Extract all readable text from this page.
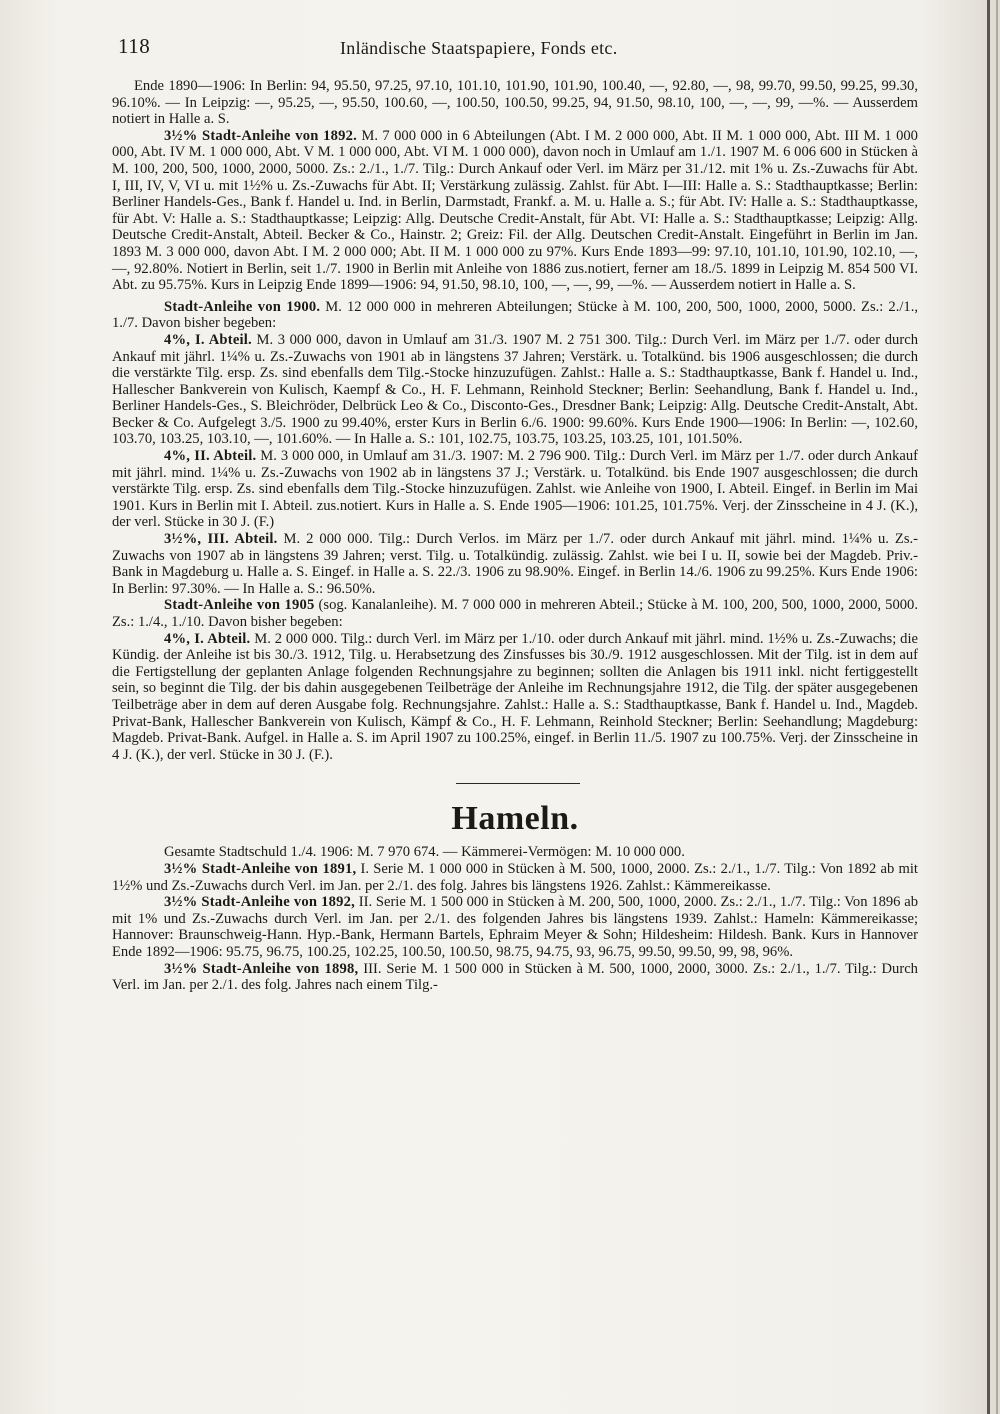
118	Inländische Staatspapiere, Fonds etc.

Ende 1890—1906: In Berlin: 94, 95.50, 97.25, 97.10, 101.10, 101.90, 101.90, 100.40, —, 92.80, —, 98, 99.70, 99.50, 99.25, 99.30, 96.10%. — In Leipzig: —, 95.25, —, 95.50, 100.60, —, 100.50, 100.50, 99.25, 94, 91.50, 98.10, 100, —, —, 99, —%. — Ausserdem notiert in Halle a. S.

3½% Stadt-Anleihe von 1892. M. 7 000 000 in 6 Abteilungen (Abt. I M. 2 000 000, Abt. II M. 1 000 000, Abt. III M. 1 000 000, Abt. IV M. 1 000 000, Abt. V M. 1 000 000, Abt. VI M. 1 000 000), davon noch in Umlauf am 1./1. 1907 M. 6 006 600 in Stücken à M. 100, 200, 500, 1000, 2000, 5000. Zs.: 2./1., 1./7. Tilg.: Durch Ankauf oder Verl. im März per 31./12. mit 1% u. Zs.-Zuwachs für Abt. I, III, IV, V, VI u. mit 1½% u. Zs.-Zuwachs für Abt. II; Verstärkung zulässig. Zahlst. für Abt. I—III: Halle a. S.: Stadthauptkasse; Berlin: Berliner Handels-Ges., Bank f. Handel u. Ind. in Berlin, Darmstadt, Frankf. a. M. u. Halle a. S.; für Abt. IV: Halle a. S.: Stadthauptkasse, für Abt. V: Halle a. S.: Stadthauptkasse; Leipzig: Allg. Deutsche Credit-Anstalt, für Abt. VI: Halle a. S.: Stadthauptkasse; Leipzig: Allg. Deutsche Credit-Anstalt, Abteil. Becker & Co., Hainstr. 2; Greiz: Fil. der Allg. Deutschen Credit-Anstalt. Eingeführt in Berlin im Jan. 1893 M. 3 000 000, davon Abt. I M. 2 000 000; Abt. II M. 1 000 000 zu 97%. Kurs Ende 1893—99: 97.10, 101.10, 101.90, 102.10, —, —, 92.80%. Notiert in Berlin, seit 1./7. 1900 in Berlin mit Anleihe von 1886 zus.notiert, ferner am 18./5. 1899 in Leipzig M. 854 500 VI. Abt. zu 95.75%. Kurs in Leipzig Ende 1899—1906: 94, 91.50, 98.10, 100, —, —, 99, —%. — Ausserdem notiert in Halle a. S.

Stadt-Anleihe von 1900. M. 12 000 000 in mehreren Abteilungen; Stücke à M. 100, 200, 500, 1000, 2000, 5000. Zs.: 2./1., 1./7. Davon bisher begeben:

4%, I. Abteil. M. 3 000 000, davon in Umlauf am 31./3. 1907 M. 2 751 300. Tilg.: Durch Verl. im März per 1./7. oder durch Ankauf mit jährl. 1¼% u. Zs.-Zuwachs von 1901 ab in längstens 37 Jahren; Verstärk. u. Totalkünd. bis 1906 ausgeschlossen; die durch die verstärkte Tilg. ersp. Zs. sind ebenfalls dem Tilg.-Stocke hinzuzufügen. Zahlst.: Halle a. S.: Stadthauptkasse, Bank f. Handel u. Ind., Hallescher Bankverein von Kulisch, Kaempf & Co., H. F. Lehmann, Reinhold Steckner; Berlin: Seehandlung, Bank f. Handel u. Ind., Berliner Handels-Ges., S. Bleichröder, Delbrück Leo & Co., Disconto-Ges., Dresdner Bank; Leipzig: Allg. Deutsche Credit-Anstalt, Abt. Becker & Co. Aufgelegt 3./5. 1900 zu 99.40%, erster Kurs in Berlin 6./6. 1900: 99.60%. Kurs Ende 1900—1906: In Berlin: —, 102.60, 103.70, 103.25, 103.10, —, 101.60%. — In Halle a. S.: 101, 102.75, 103.75, 103.25, 103.25, 101, 101.50%.

4%, II. Abteil. M. 3 000 000, in Umlauf am 31./3. 1907: M. 2 796 900. Tilg.: Durch Verl. im März per 1./7. oder durch Ankauf mit jährl. mind. 1¼% u. Zs.-Zuwachs von 1902 ab in längstens 37 J.; Verstärk. u. Totalkünd. bis Ende 1907 ausgeschlossen; die durch verstärkte Tilg. ersp. Zs. sind ebenfalls dem Tilg.-Stocke hinzuzufügen. Zahlst. wie Anleihe von 1900, I. Abteil. Eingef. in Berlin im Mai 1901. Kurs in Berlin mit I. Abteil. zus.notiert. Kurs in Halle a. S. Ende 1905—1906: 101.25, 101.75%. Verj. der Zinsscheine in 4 J. (K.), der verl. Stücke in 30 J. (F.)

3½%, III. Abteil. M. 2 000 000. Tilg.: Durch Verlos. im März per 1./7. oder durch Ankauf mit jährl. mind. 1¼% u. Zs.-Zuwachs von 1907 ab in längstens 39 Jahren; verst. Tilg. u. Totalkündig. zulässig. Zahlst. wie bei I u. II, sowie bei der Magdeb. Priv.-Bank in Magdeburg u. Halle a. S. Eingef. in Halle a. S. 22./3. 1906 zu 98.90%. Eingef. in Berlin 14./6. 1906 zu 99.25%. Kurs Ende 1906: In Berlin: 97.30%. — In Halle a. S.: 96.50%.

Stadt-Anleihe von 1905 (sog. Kanalanleihe). M. 7 000 000 in mehreren Abteil.; Stücke à M. 100, 200, 500, 1000, 2000, 5000. Zs.: 1./4., 1./10. Davon bisher begeben:

4%, I. Abteil. M. 2 000 000. Tilg.: durch Verl. im März per 1./10. oder durch Ankauf mit jährl. mind. 1½% u. Zs.-Zuwachs; die Kündig. der Anleihe ist bis 30./3. 1912, Tilg. u. Herabsetzung des Zinsfusses bis 30./9. 1912 ausgeschlossen. Mit der Tilg. ist in dem auf die Fertigstellung der geplanten Anlage folgenden Rechnungsjahre zu beginnen; sollten die Anlagen bis 1911 inkl. nicht fertiggestellt sein, so beginnt die Tilg. der bis dahin ausgegebenen Teilbeträge der Anleihe im Rechnungsjahre 1912, die Tilg. der später ausgegebenen Teilbeträge aber in dem auf deren Ausgabe folg. Rechnungsjahre. Zahlst.: Halle a. S.: Stadthauptkasse, Bank f. Handel u. Ind., Magdeb. Privat-Bank, Hallescher Bankverein von Kulisch, Kämpf & Co., H. F. Lehmann, Reinhold Steckner; Berlin: Seehandlung; Magdeburg: Magdeb. Privat-Bank. Aufgel. in Halle a. S. im April 1907 zu 100.25%, eingef. in Berlin 11./5. 1907 zu 100.75%. Verj. der Zinsscheine in 4 J. (K.), der verl. Stücke in 30 J. (F.).

Hameln.

Gesamte Stadtschuld 1./4. 1906: M. 7 970 674. — Kämmerei-Vermögen: M. 10 000 000.

3½% Stadt-Anleihe von 1891, I. Serie M. 1 000 000 in Stücken à M. 500, 1000, 2000. Zs.: 2./1., 1./7. Tilg.: Von 1892 ab mit 1½% und Zs.-Zuwachs durch Verl. im Jan. per 2./1. des folg. Jahres bis längstens 1926. Zahlst.: Kämmereikasse.

3½% Stadt-Anleihe von 1892, II. Serie M. 1 500 000 in Stücken à M. 200, 500, 1000, 2000. Zs.: 2./1., 1./7. Tilg.: Von 1896 ab mit 1% und Zs.-Zuwachs durch Verl. im Jan. per 2./1. des folgenden Jahres bis längstens 1939. Zahlst.: Hameln: Kämmereikasse; Hannover: Braunschweig-Hann. Hyp.-Bank, Hermann Bartels, Ephraim Meyer & Sohn; Hildesheim: Hildesh. Bank. Kurs in Hannover Ende 1892—1906: 95.75, 96.75, 100.25, 102.25, 100.50, 100.50, 98.75, 94.75, 93, 96.75, 99.50, 99.50, 99, 98, 96%.

3½% Stadt-Anleihe von 1898, III. Serie M. 1 500 000 in Stücken à M. 500, 1000, 2000, 3000. Zs.: 2./1., 1./7. Tilg.: Durch Verl. im Jan. per 2./1. des folg. Jahres nach einem Tilg.-
